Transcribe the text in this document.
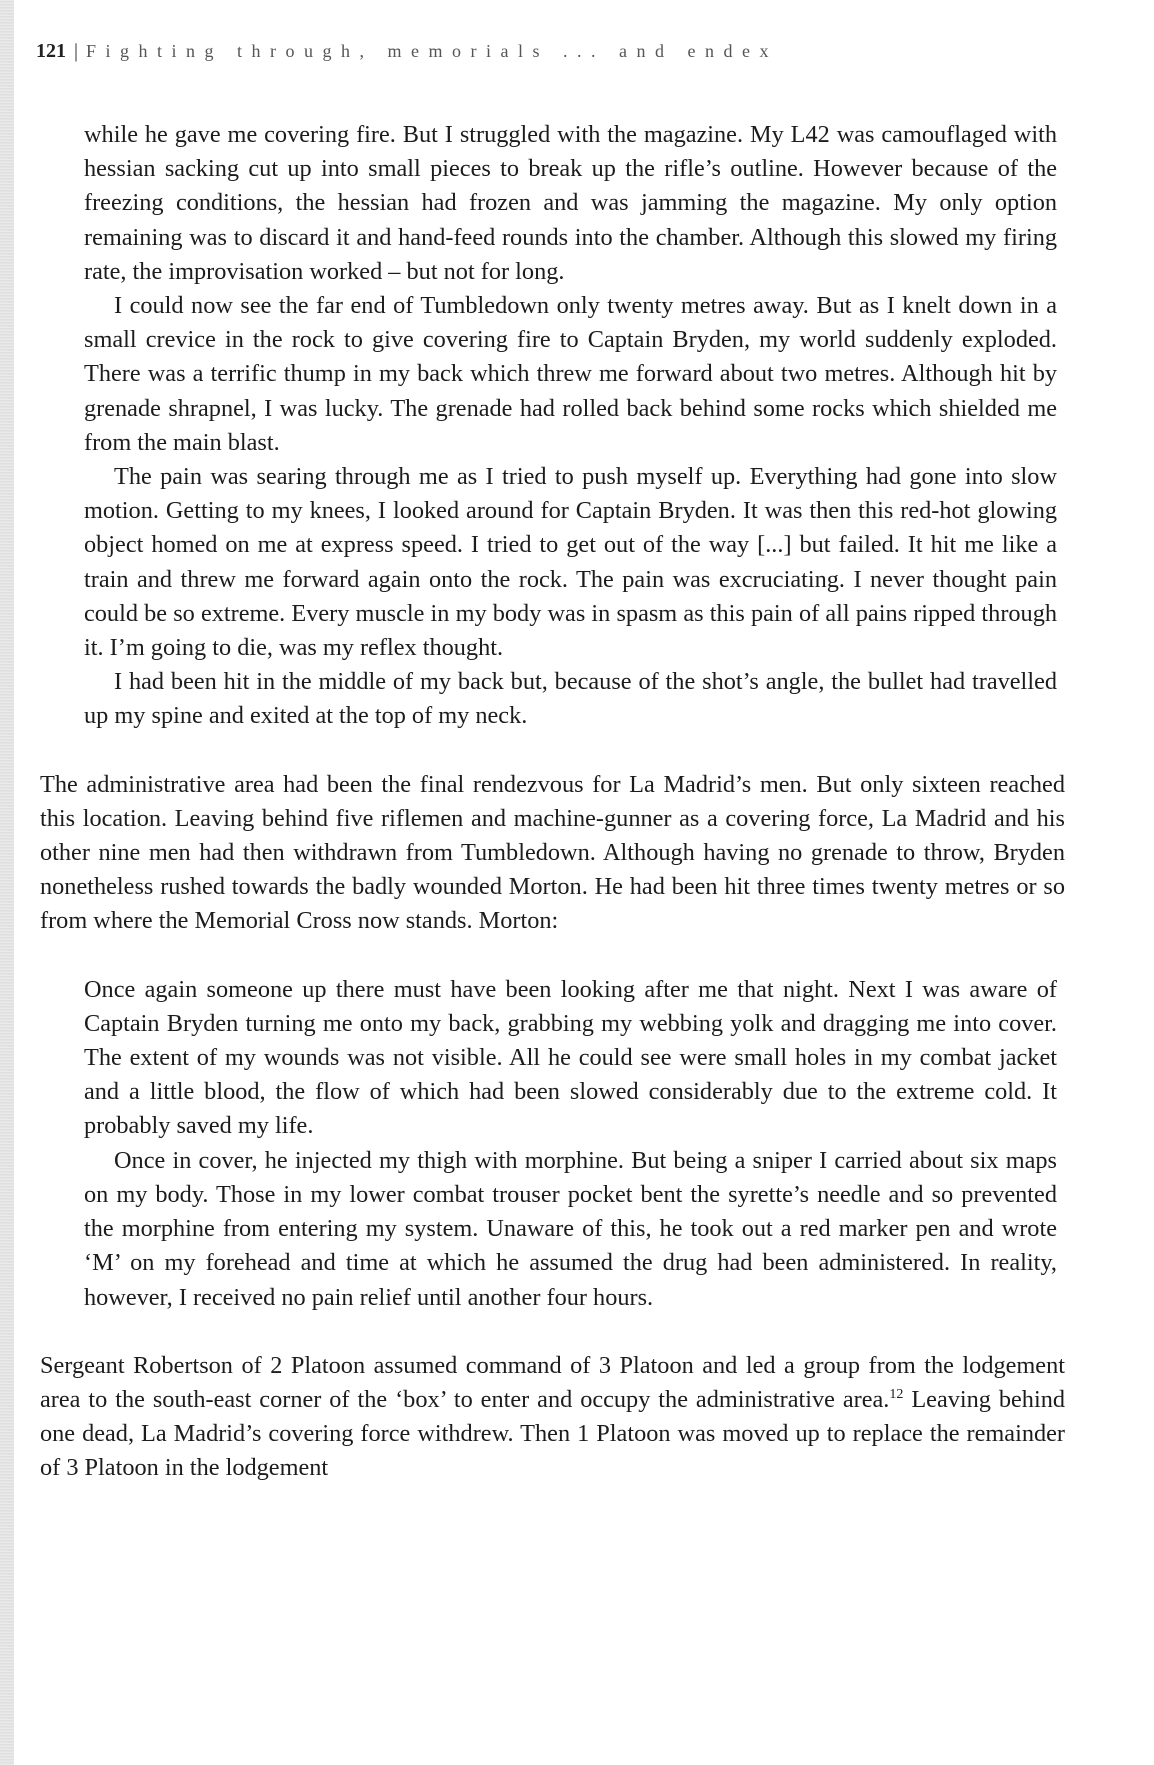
121 | Fighting through, memorials ... and endex

while he gave me covering fire. But I struggled with the magazine. My L42 was camouflaged with hessian sacking cut up into small pieces to break up the rifle’s outline. However because of the freezing conditions, the hessian had frozen and was jamming the magazine. My only option remaining was to discard it and hand-feed rounds into the chamber. Although this slowed my firing rate, the improvisation worked – but not for long.

I could now see the far end of Tumbledown only twenty metres away. But as I knelt down in a small crevice in the rock to give covering fire to Captain Bryden, my world suddenly exploded. There was a terrific thump in my back which threw me forward about two metres. Although hit by grenade shrapnel, I was lucky. The grenade had rolled back behind some rocks which shielded me from the main blast.

The pain was searing through me as I tried to push myself up. Everything had gone into slow motion. Getting to my knees, I looked around for Captain Bryden. It was then this red-hot glowing object homed on me at express speed. I tried to get out of the way [...] but failed. It hit me like a train and threw me forward again onto the rock. The pain was excruciating. I never thought pain could be so extreme. Every muscle in my body was in spasm as this pain of all pains ripped through it. I’m going to die, was my reflex thought.

I had been hit in the middle of my back but, because of the shot’s angle, the bullet had travelled up my spine and exited at the top of my neck.

The administrative area had been the final rendezvous for La Madrid’s men. But only sixteen reached this location. Leaving behind five riflemen and machine-gunner as a covering force, La Madrid and his other nine men had then withdrawn from Tumbledown. Although having no grenade to throw, Bryden nonetheless rushed towards the badly wounded Morton. He had been hit three times twenty metres or so from where the Memorial Cross now stands. Morton:

Once again someone up there must have been looking after me that night. Next I was aware of Captain Bryden turning me onto my back, grabbing my webbing yolk and dragging me into cover. The extent of my wounds was not visible. All he could see were small holes in my combat jacket and a little blood, the flow of which had been slowed considerably due to the extreme cold. It probably saved my life.

Once in cover, he injected my thigh with morphine. But being a sniper I carried about six maps on my body. Those in my lower combat trouser pocket bent the syrette’s needle and so prevented the morphine from entering my system. Unaware of this, he took out a red marker pen and wrote ‘M’ on my forehead and time at which he assumed the drug had been administered. In reality, however, I received no pain relief until another four hours.

Sergeant Robertson of 2 Platoon assumed command of 3 Platoon and led a group from the lodgement area to the south-east corner of the ‘box’ to enter and occupy the administrative area.$^{12}$ Leaving behind one dead, La Madrid’s covering force withdrew. Then 1 Platoon was moved up to replace the remainder of 3 Platoon in the lodgement
